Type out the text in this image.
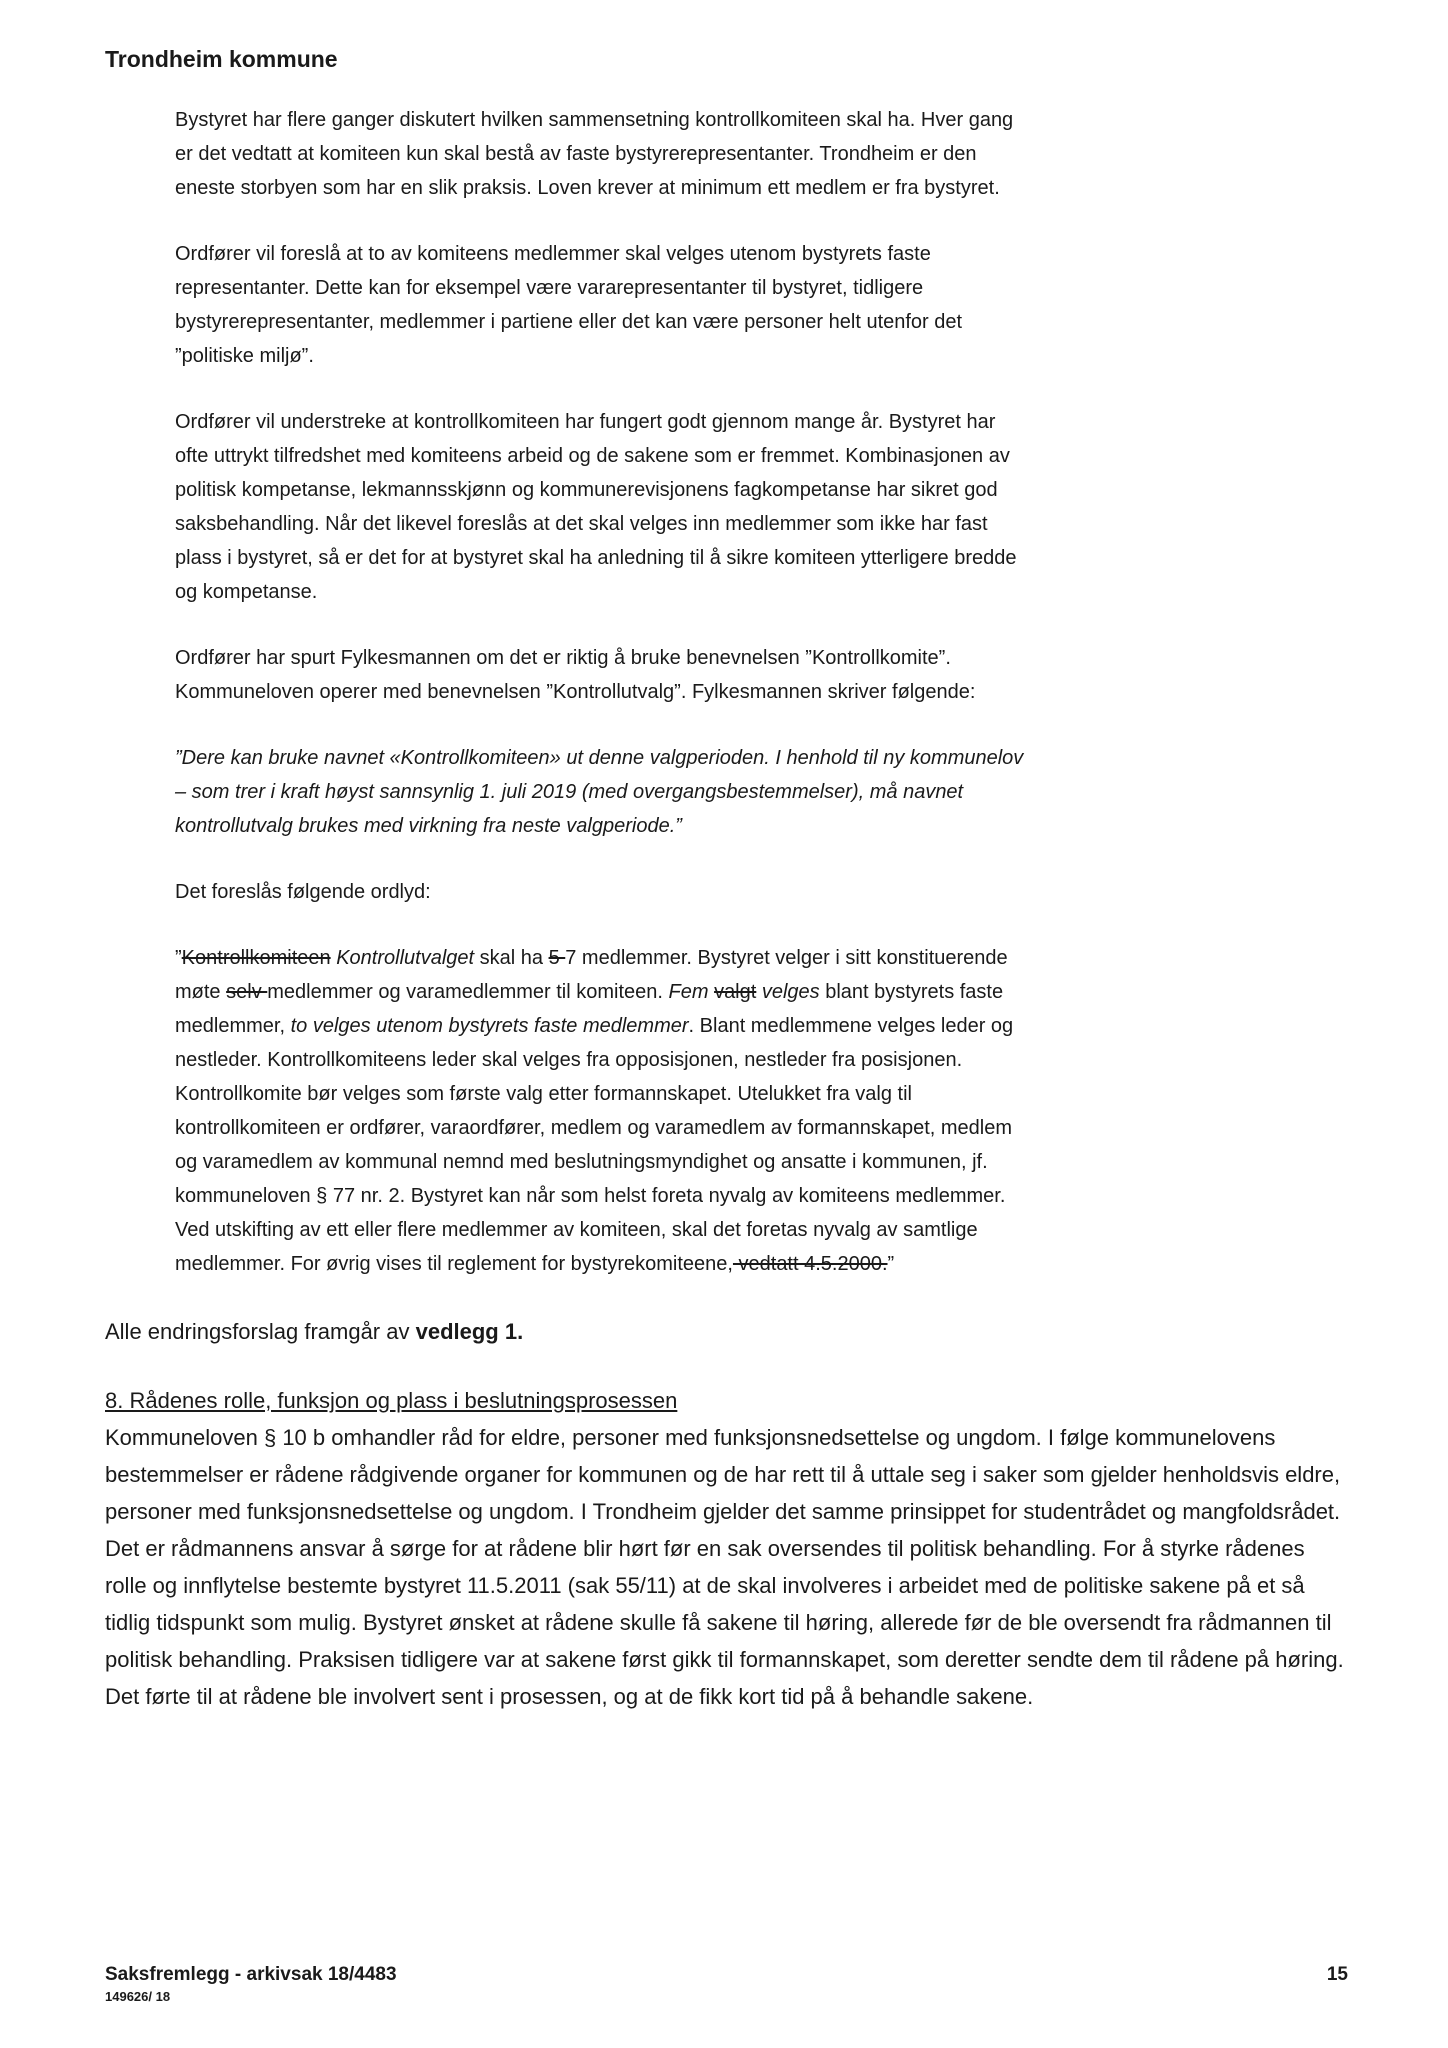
Trondheim kommune

Bystyret har flere ganger diskutert hvilken sammensetning kontrollkomiteen skal ha. Hver gang er det vedtatt at komiteen kun skal bestå av faste bystyrerepresentanter. Trondheim er den eneste storbyen som har en slik praksis. Loven krever at minimum ett medlem er fra bystyret.

Ordfører vil foreslå at to av komiteens medlemmer skal velges utenom bystyrets faste representanter. Dette kan for eksempel være vararepresentanter til bystyret, tidligere bystyrerepresentanter, medlemmer i partiene eller det kan være personer helt utenfor det ”politiske miljø”.

Ordfører vil understreke at kontrollkomiteen har fungert godt gjennom mange år. Bystyret har ofte uttrykt tilfredshet med komiteens arbeid og de sakene som er fremmet. Kombinasjonen av politisk kompetanse, lekmannsskjønn og kommunerevisjonens fagkompetanse har sikret god saksbehandling. Når det likevel foreslås at det skal velges inn medlemmer som ikke har fast plass i bystyret, så er det for at bystyret skal ha anledning til å sikre komiteen ytterligere bredde og kompetanse.

Ordfører har spurt Fylkesmannen om det er riktig å bruke benevnelsen ”Kontrollkomite”. Kommuneloven operer med benevnelsen ”Kontrollutvalg”. Fylkesmannen skriver følgende:

”Dere kan bruke navnet «Kontrollkomiteen» ut denne valgperioden. I henhold til ny kommunelov – som trer i kraft høyst sannsynlig 1. juli 2019 (med overgangsbestemmelser), må navnet kontrollutvalg brukes med virkning fra neste valgperiode.”

Det foreslås følgende ordlyd:

”Kontrollkomiteen Kontrollutvalget skal ha 5 7 medlemmer. Bystyret velger i sitt konstituerende møte selv medlemmer og varamedlemmer til komiteen. Fem valgt velges blant bystyrets faste medlemmer, to velges utenom bystyrets faste medlemmer. Blant medlemmene velges leder og nestleder. Kontrollkomiteens leder skal velges fra opposisjonen, nestleder fra posisjonen. Kontrollkomite bør velges som første valg etter formannskapet. Utelukket fra valg til kontrollkomiteen er ordfører, varaordfører, medlem og varamedlem av formannskapet, medlem og varamedlem av kommunal nemnd med beslutningsmyndighet og ansatte i kommunen, jf. kommuneloven § 77 nr. 2. Bystyret kan når som helst foreta nyvalg av komiteens medlemmer. Ved utskifting av ett eller flere medlemmer av komiteen, skal det foretas nyvalg av samtlige medlemmer. For øvrig vises til reglement for bystyrekomiteene, vedtatt 4.5.2000.”

Alle endringsforslag framgår av vedlegg 1.

8. Rådenes rolle, funksjon og plass i beslutningsprosessen

Kommuneloven § 10 b omhandler råd for eldre, personer med funksjonsnedsettelse og ungdom. I følge kommunelovens bestemmelser er rådene rådgivende organer for kommunen og de har rett til å uttale seg i saker som gjelder henholdsvis eldre, personer med funksjonsnedsettelse og ungdom. I Trondheim gjelder det samme prinsippet for studentrådet og mangfoldsrådet. Det er rådmannens ansvar å sørge for at rådene blir hørt før en sak oversendes til politisk behandling. For å styrke rådenes rolle og innflytelse bestemte bystyret 11.5.2011 (sak 55/11) at de skal involveres i arbeidet med de politiske sakene på et så tidlig tidspunkt som mulig. Bystyret ønsket at rådene skulle få sakene til høring, allerede før de ble oversendt fra rådmannen til politisk behandling. Praksisen tidligere var at sakene først gikk til formannskapet, som deretter sendte dem til rådene på høring. Det førte til at rådene ble involvert sent i prosessen, og at de fikk kort tid på å behandle sakene.

Saksfremlegg - arkivsak 18/4483
149626/ 18
15
